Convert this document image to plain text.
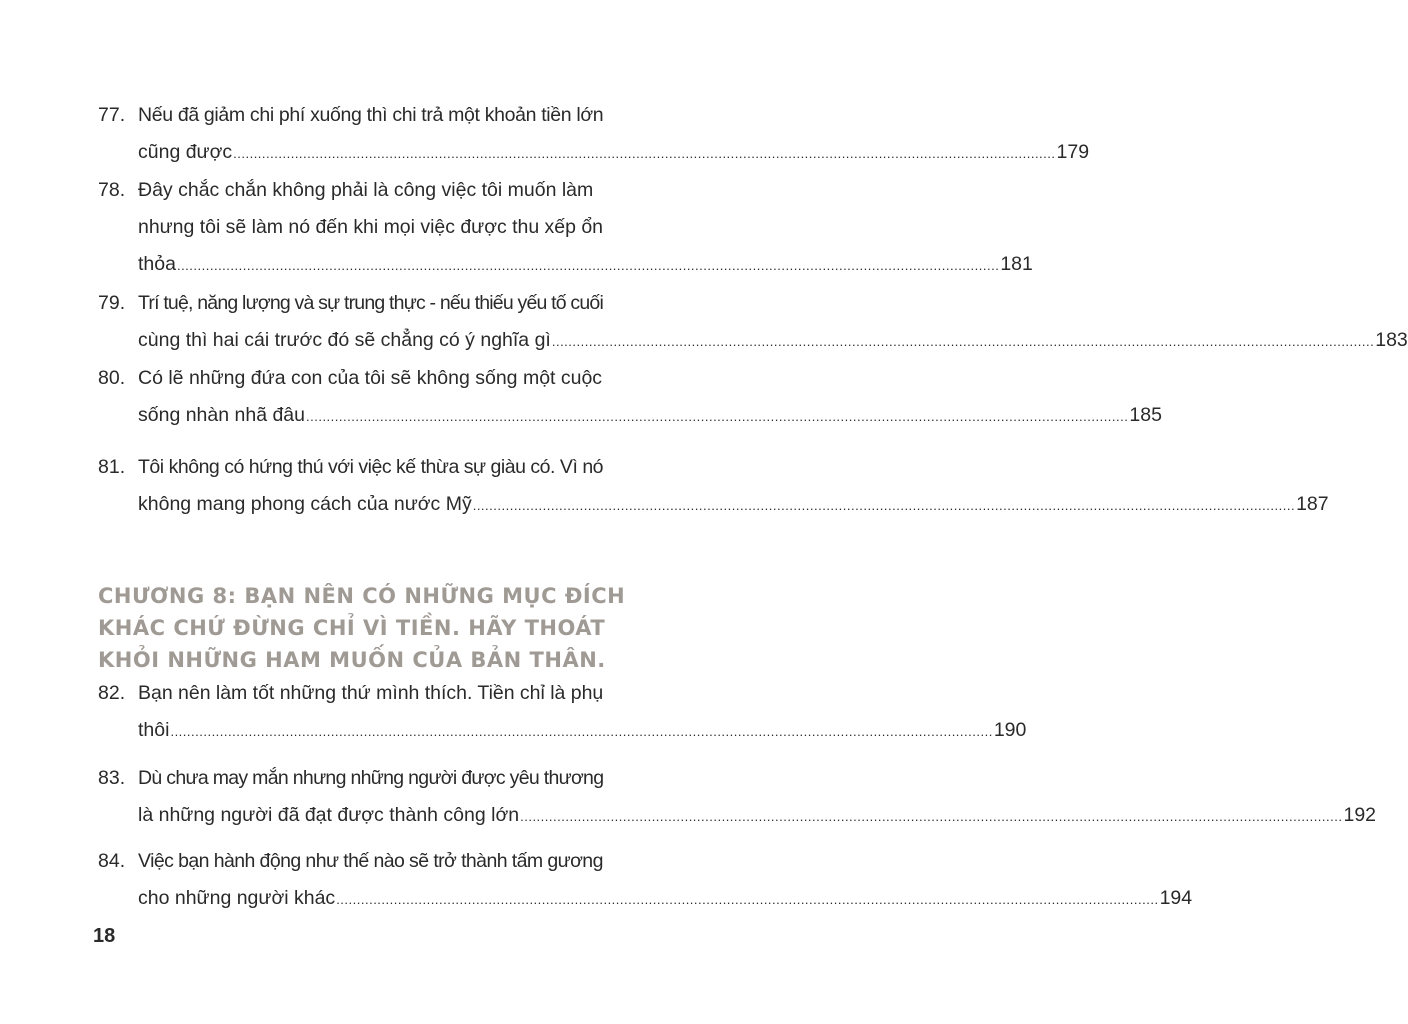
77. Nếu đã giảm chi phí xuống thì chi trả một khoản tiền lớn
cũng được ........................................................................................................................................................................................................ 179
78. Đây chắc chắn không phải là công việc tôi muốn làm
nhưng tôi sẽ làm nó đến khi mọi việc được thu xếp ổn
thỏa ........................................................................................................................................................................................................ 181
79. Trí tuệ, năng lượng và sự trung thực - nếu thiếu yếu tố cuối
cùng thì hai cái trước đó sẽ chẳng có ý nghĩa gì ........................................................................................................................................................................................................ 183
80. Có lẽ những đứa con của tôi sẽ không sống một cuộc
sống nhàn nhã đâu ........................................................................................................................................................................................................ 185
81. Tôi không có hứng thú với việc kế thừa sự giàu có. Vì nó
không mang phong cách của nước Mỹ ........................................................................................................................................................................................................ 187
82. Bạn nên làm tốt những thứ mình thích. Tiền chỉ là phụ
thôi ........................................................................................................................................................................................................ 190
83. Dù chưa may mắn nhưng những người được yêu thương
là những người đã đạt được thành công lớn ........................................................................................................................................................................................................ 192
84. Việc bạn hành động như thế nào sẽ trở thành tấm gương
cho những người khác ........................................................................................................................................................................................................ 194
CHƯƠNG 8: BẠN NÊN CÓ NHỮNG MỤC ĐÍCH
KHÁC CHỨ ĐỪNG CHỈ VÌ TIỀN. HÃY THOÁT
KHỎI NHỮNG HAM MUỐN CỦA BẢN THÂN.
18
